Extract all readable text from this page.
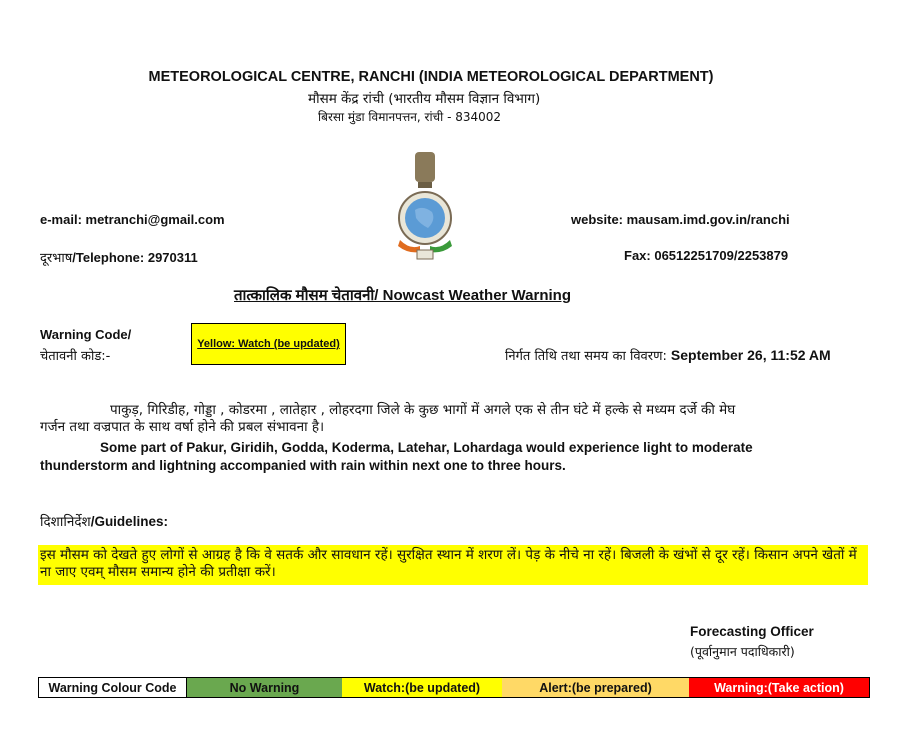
METEOROLOGICAL CENTRE, RANCHI (INDIA METEOROLOGICAL DEPARTMENT)
मौसम केंद्र रांची (भारतीय मौसम विज्ञान विभाग)
बिरसा मुंडा विमानपत्तन, रांची - 834002
e-mail: metranchi@gmail.com	website: mausam.imd.gov.in/ranchi
दूरभाष/Telephone: 2970311	Fax: 06512251709/2253879
तात्कालिक मौसम चेतावनी/ Nowcast Weather Warning
Warning Code/
चेतावनी कोड:-
Yellow: Watch (be updated)
निर्गत तिथि तथा समय का विवरण: September 26, 11:52 AM
पाकुड़, गिरिडीह, गोड्डा , कोडरमा , लातेहार , लोहरदगा जिले के कुछ भागों में अगले एक से तीन घंटे में हल्के से मध्यम दर्जे की मेघ
गर्जन तथा वज्रपात के साथ वर्षा होने की प्रबल संभावना है।
Some part of Pakur, Giridih, Godda, Koderma, Latehar, Lohardaga would experience light to moderate
thunderstorm and lightning accompanied with rain within next one to three hours.
दिशानिर्देश/Guidelines:
इस मौसम को देखते हुए लोगों से आग्रह है कि वे सतर्क और सावधान रहें। सुरक्षित स्थान में शरण लें। पेड़ के नीचे ना रहें। बिजली के खंभों से दूर रहें। किसान अपने खेतों में ना जाए एवम् मौसम समान्य होने की प्रतीक्षा करें।
Forecasting Officer
(पूर्वानुमान पदाधिकारी)
Warning Colour Code	No Warning	Watch:(be updated)	Alert:(be prepared)	Warning:(Take action)
